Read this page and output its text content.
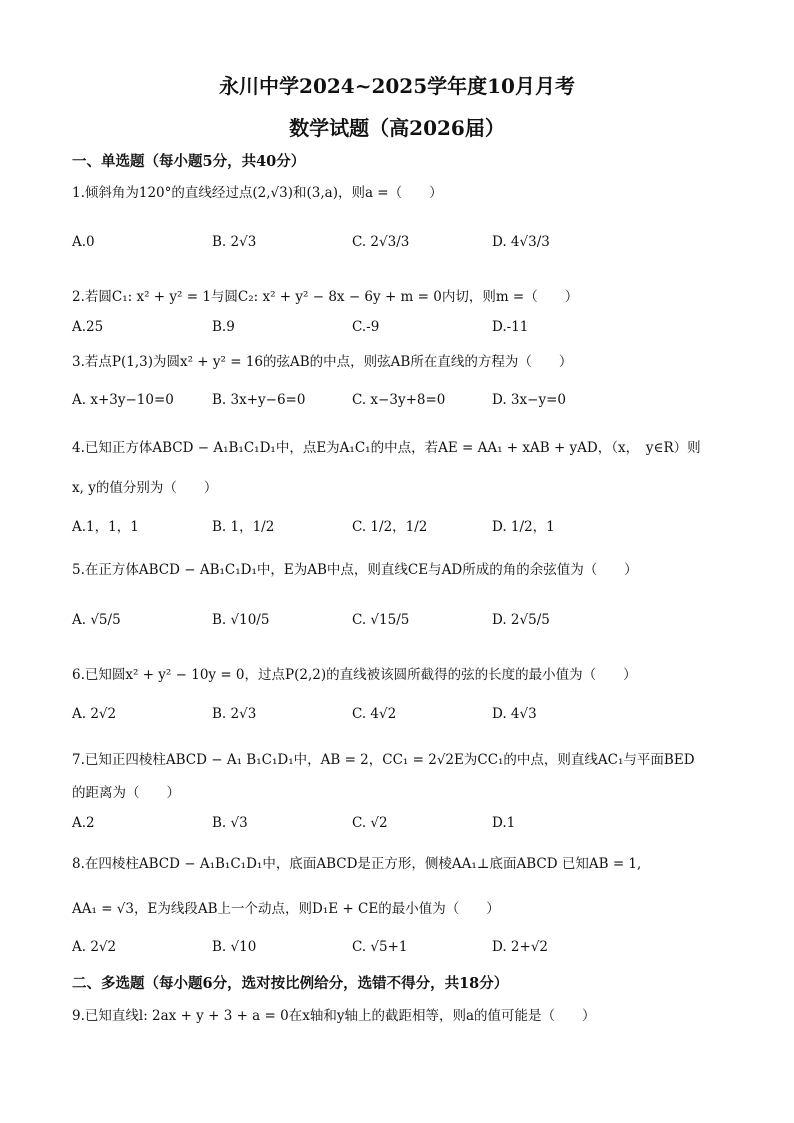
永川中学2024~2025学年度10月月考
数学试题（高2026届）
一、单选题（每小题5分，共40分）
1.倾斜角为120°的直线经过点(2,√3)和(3,a)，则a =（　　）
A.0	B. 2√3	C. 2√3/3	D. 4√3/3
2.若圆C₁: x² + y² = 1与圆C₂: x² + y² − 8x − 6y + m = 0内切，则m =（　　）
A.25	B.9	C.-9	D.-11
3.若点P(1,3)为圆x² + y² = 16的弦AB的中点，则弦AB所在直线的方程为（　　）
A. x+3y−10=0	B. 3x+y−6=0	C. x−3y+8=0	D. 3x−y=0
4.已知正方体ABCD − A₁B₁C₁D₁中，点E为A₁C₁的中点，若AE = AA₁ + xAB + yAD，（x，　y∈R）则
x, y的值分别为（　　）
A.1，1，1	B. 1，1/2	C. 1/2，1/2	D. 1/2，1
5.在正方体ABCD − AB₁C₁D₁中，E为AB中点，则直线CE与AD所成的角的余弦值为（　　）
A. √5/5	B. √10/5	C. √15/5	D. 2√5/5
6.已知圆x² + y² − 10y = 0，过点P(2,2)的直线被该圆所截得的弦的长度的最小值为（　　）
A. 2√2	B. 2√3	C. 4√2	D. 4√3
7.已知正四棱柱ABCD − A₁ B₁C₁D₁中，AB = 2，CC₁ = 2√2E为CC₁的中点，则直线AC₁与平面BED
的距离为（　　）
A.2	B. √3	C. √2	D.1
8.在四棱柱ABCD − A₁B₁C₁D₁中，底面ABCD是正方形，侧棱AA₁⊥底面ABCD 已知AB = 1,
AA₁ = √3，E为线段AB上一个动点，则D₁E + CE的最小值为（　　）
A. 2√2	B. √10	C. √5+1	D. 2+√2
二、多选题（每小题6分，选对按比例给分，选错不得分，共18分）
9.已知直线l: 2ax + y + 3 + a = 0在x轴和y轴上的截距相等，则a的值可能是（　　）
